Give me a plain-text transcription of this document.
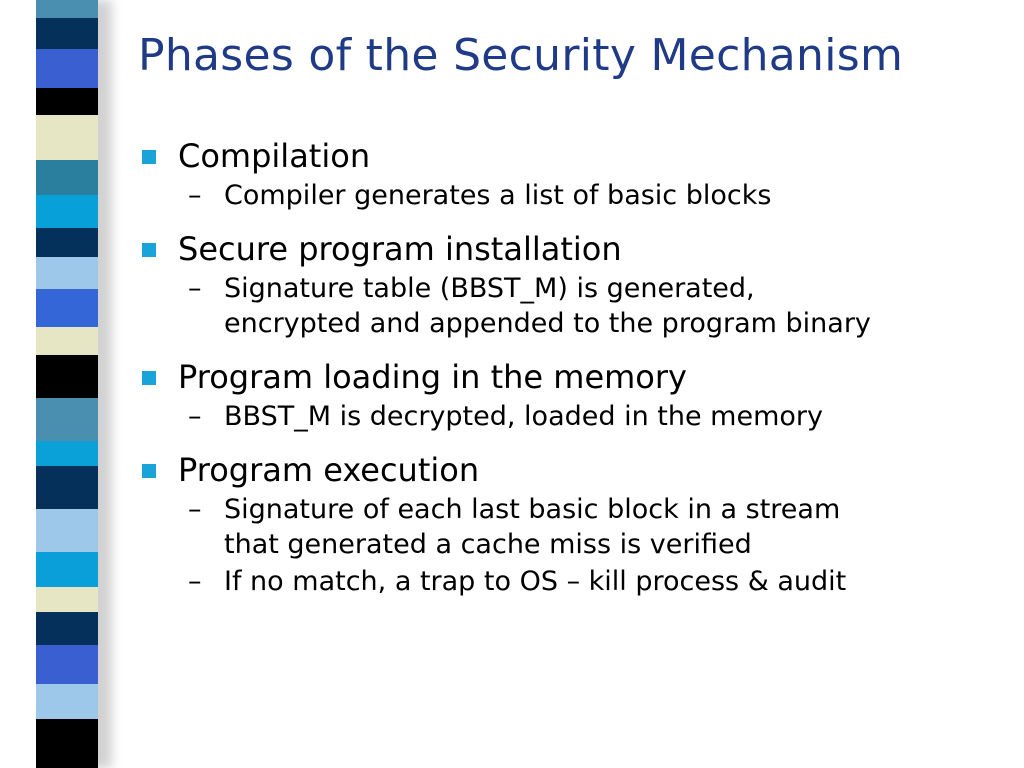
Phases of the Security Mechanism
Compilation
– Compiler generates a list of basic blocks
Secure program installation
– Signature table (BBST_M) is generated,
encrypted and appended to the program binary
Program loading in the memory
– BBST_M is decrypted, loaded in the memory
Program execution
– Signature of each last basic block in a stream
that generated a cache miss is verified
– If no match, a trap to OS – kill process & audit
